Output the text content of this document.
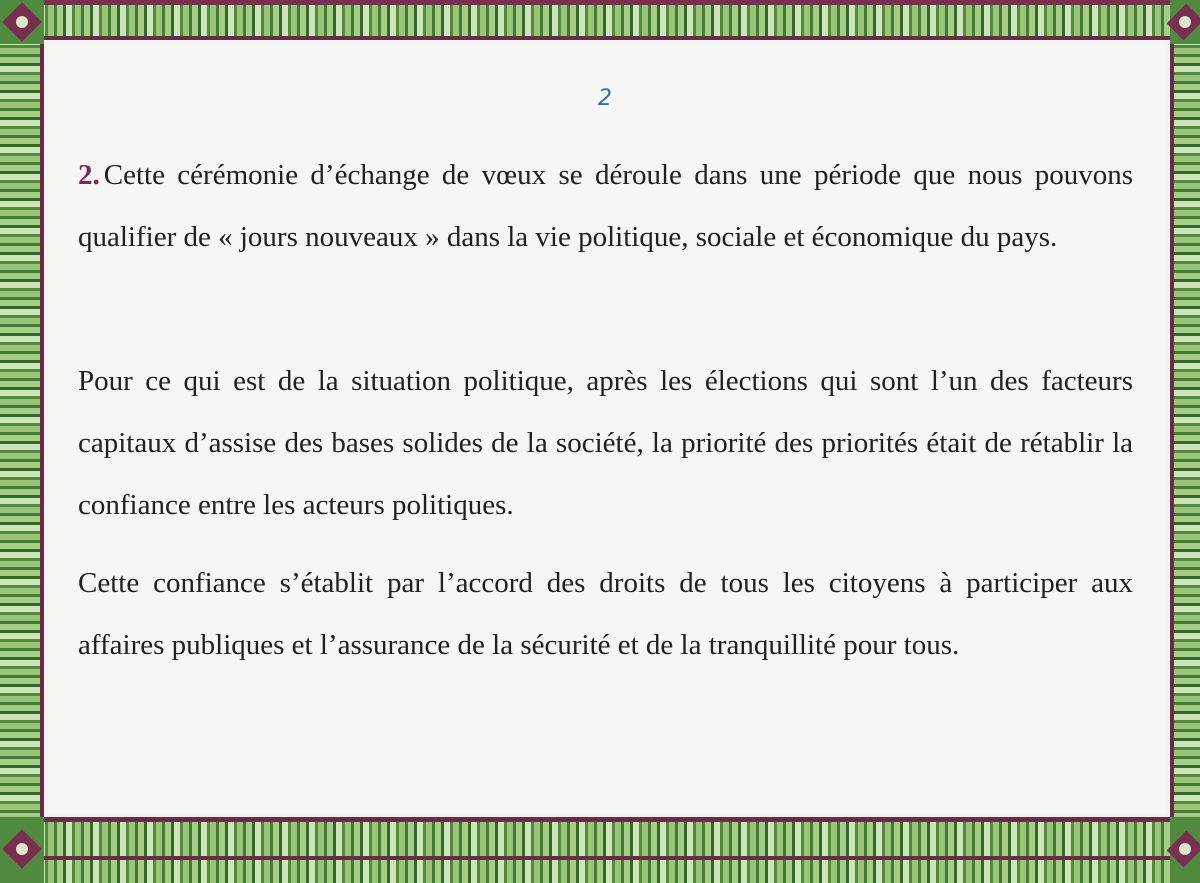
2

2. Cette cérémonie d’échange de vœux se déroule dans une période que nous pouvons qualifier de « jours nouveaux » dans la vie politique, sociale et économique du pays.

Pour ce qui est de la situation politique, après les élections qui sont l’un des facteurs capitaux d’assise des bases solides de la société, la priorité des priorités était de rétablir la confiance entre les acteurs politiques.

Cette confiance s’établit par l’accord des droits de tous les citoyens à participer aux affaires publiques et l’assurance de la sécurité et de la tranquillité pour tous.
